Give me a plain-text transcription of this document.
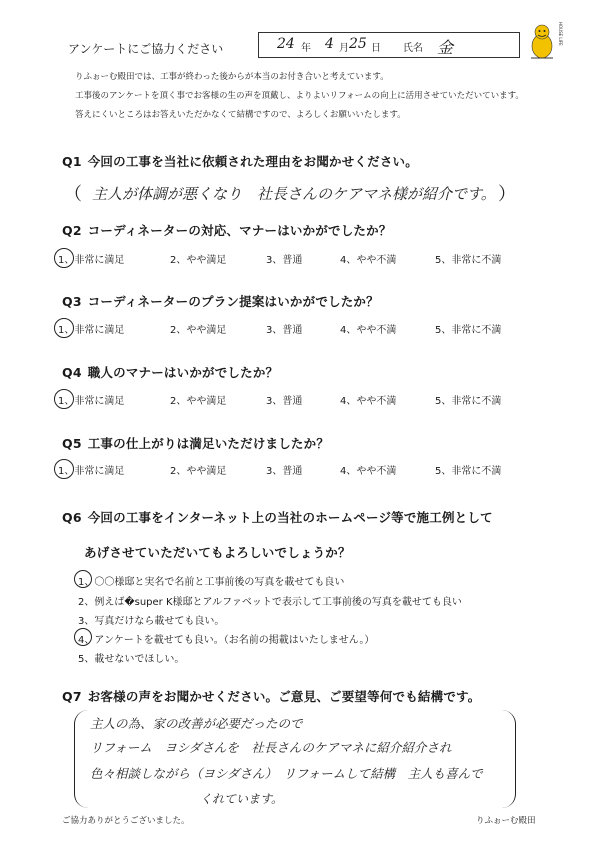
アンケートにご協力ください	24 年 4 月 25 日 氏名 金
HOUSE LIFE
りふぉーむ殿田では、工事が終わった後からが本当のお付き合いと考えています。
工事後のアンケートを頂く事でお客様の生の声を頂戴し、よりよいリフォームの向上に活用させていただいています。
答えにくいところはお答えいただかなくて結構ですので、よろしくお願いいたします。
Q1 今回の工事を当社に依頼された理由をお聞かせください。
（ 主人が体調が悪くなり　社長さんのケアマネ様が紹介です。 ）
Q2 コーディネーターの対応、マナーはいかがでしたか？
1、非常に満足	2、やや満足	3、普通	4、やや不満	5、非常に不満
Q3 コーディネーターのプラン提案はいかがでしたか？
1、非常に満足	2、やや満足	3、普通	4、やや不満	5、非常に不満
Q4 職人のマナーはいかがでしたか？
1、非常に満足	2、やや満足	3、普通	4、やや不満	5、非常に不満
Q5 工事の仕上がりは満足いただけましたか？
1、非常に満足	2、やや満足	3、普通	4、やや不満	5、非常に不満
Q6 今回の工事をインターネット上の当社のホームページ等で施工例として
あげさせていただいてもよろしいでしょうか？
1、〇〇様邸と実名で名前と工事前後の写真を載せても良い
2、例えば�super K様邸とアルファベットで表示して工事前後の写真を載せても良い
3、写真だけなら載せても良い。
4、アンケートを載せても良い。（お名前の掲載はいたしません。）
5、載せないでほしい。
Q7 お客様の声をお聞かせください。ご意見、ご要望等何でも結構です。
主人の為、家の改善が必要だったので
リフォーム　ヨシダさんを　社長さんのケアマネに紹介紹介され
色々相談しながら（ヨシダさん）　リフォームして結構　主人も喜んで
くれています。
ご協力ありがとうございました。	りふぉーむ殿田
